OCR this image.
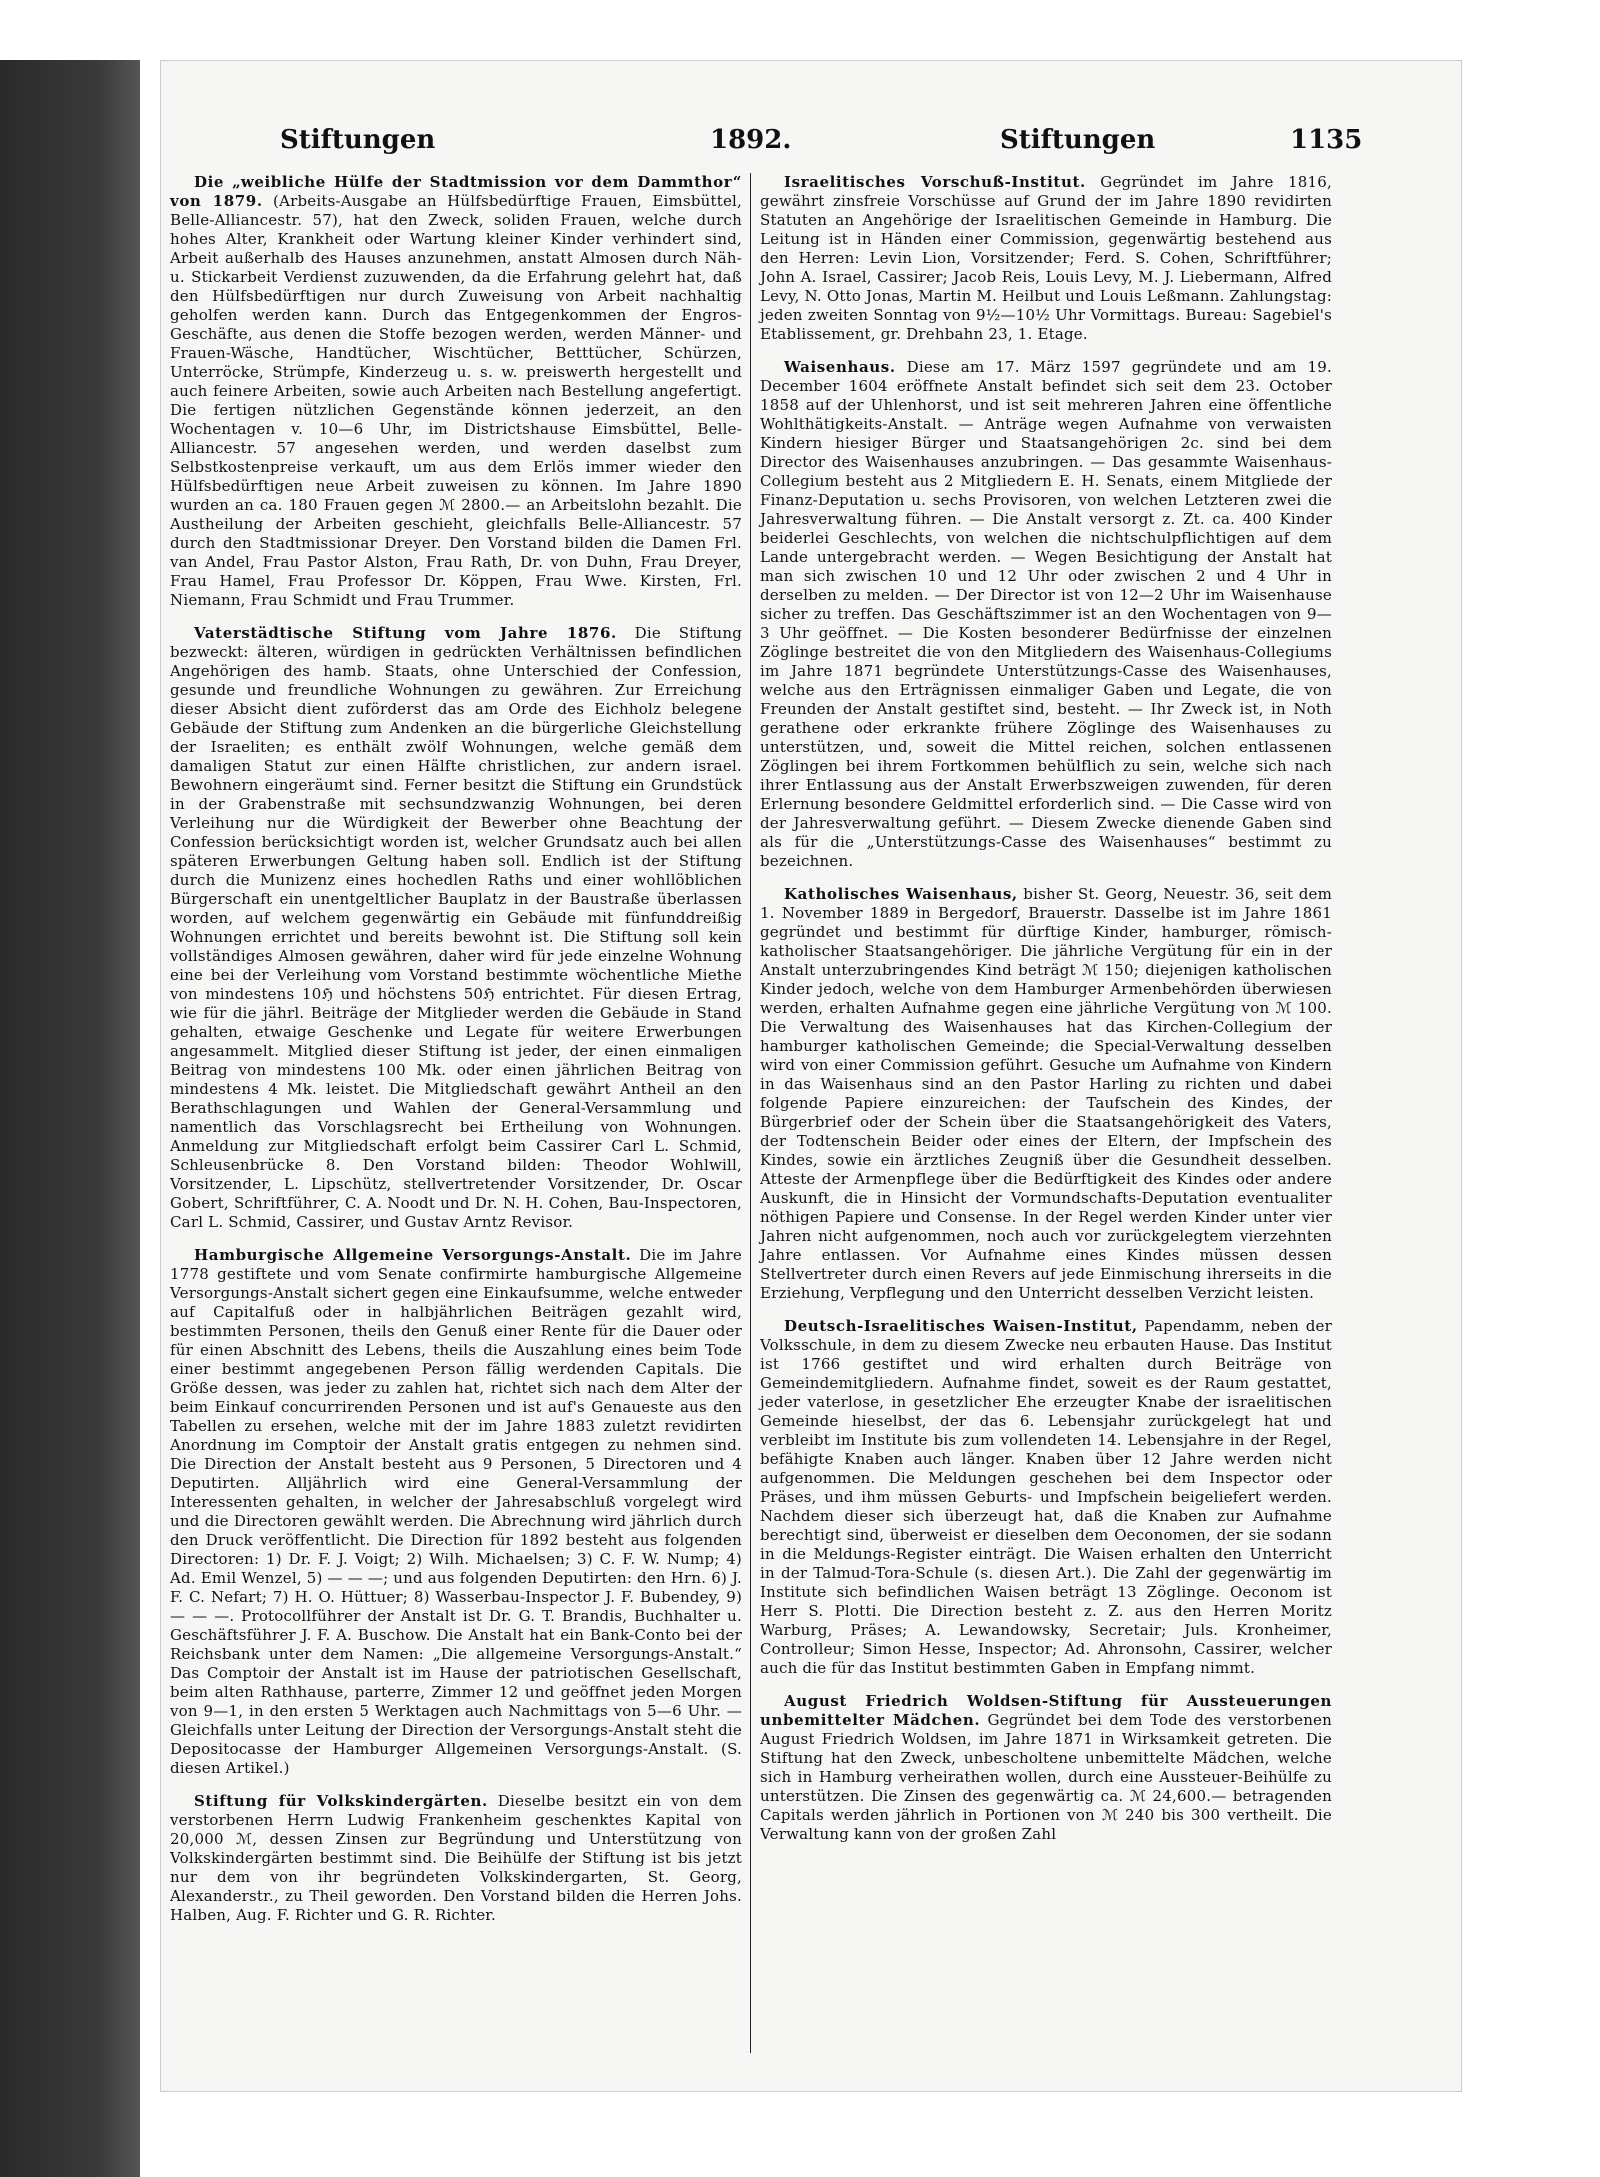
Stiftungen	1892.	Stiftungen	1135

Die „weibliche Hülfe der Stadtmission vor dem Dammthor“ von 1879. (Arbeits-Ausgabe an Hülfsbedürftige Frauen, Eimsbüttel, Belle-Alliancestr. 57), hat den Zweck, soliden Frauen, welche durch hohes Alter, Krankheit oder Wartung kleiner Kinder verhindert sind, Arbeit außerhalb des Hauses anzunehmen, anstatt Almosen durch Näh- u. Stickarbeit Verdienst zuzuwenden, da die Erfahrung gelehrt hat, daß den Hülfsbedürftigen nur durch Zuweisung von Arbeit nachhaltig geholfen werden kann. Durch das Entgegenkommen der Engros-Geschäfte, aus denen die Stoffe bezogen werden, werden Männer- und Frauen-Wäsche, Handtücher, Wischtücher, Betttücher, Schürzen, Unterröcke, Strümpfe, Kinderzeug u. s. w. preiswerth hergestellt und auch feinere Arbeiten, sowie auch Arbeiten nach Bestellung angefertigt. Die fertigen nützlichen Gegenstände können jederzeit, an den Wochentagen v. 10—6 Uhr, im Districtshause Eimsbüttel, Belle-Alliancestr. 57 angesehen werden, und werden daselbst zum Selbstkostenpreise verkauft, um aus dem Erlös immer wieder den Hülfsbedürftigen neue Arbeit zuweisen zu können. Im Jahre 1890 wurden an ca. 180 Frauen gegen ℳ 2800.— an Arbeitslohn bezahlt. Die Austheilung der Arbeiten geschieht, gleichfalls Belle-Alliancestr. 57 durch den Stadtmissionar Dreyer. Den Vorstand bilden die Damen Frl. van Andel, Frau Pastor Alston, Frau Rath, Dr. von Duhn, Frau Dreyer, Frau Hamel, Frau Professor Dr. Köppen, Frau Wwe. Kirsten, Frl. Niemann, Frau Schmidt und Frau Trummer.

Vaterstädtische Stiftung vom Jahre 1876. Die Stiftung bezweckt: älteren, würdigen in gedrückten Verhältnissen befindlichen Angehörigen des hamb. Staats, ohne Unterschied der Confession, gesunde und freundliche Wohnungen zu gewähren. Zur Erreichung dieser Absicht dient zuförderst das am Orde des Eichholz belegene Gebäude der Stiftung zum Andenken an die bürgerliche Gleichstellung der Israeliten; es enthält zwölf Wohnungen, welche gemäß dem damaligen Statut zur einen Hälfte christlichen, zur andern israel. Bewohnern eingeräumt sind. Ferner besitzt die Stiftung ein Grundstück in der Grabenstraße mit sechsundzwanzig Wohnungen, bei deren Verleihung nur die Würdigkeit der Bewerber ohne Beachtung der Confession berücksichtigt worden ist, welcher Grundsatz auch bei allen späteren Erwerbungen Geltung haben soll. Endlich ist der Stiftung durch die Munizenz eines hochedlen Raths und einer wohllöblichen Bürgerschaft ein unentgeltlicher Bauplatz in der Baustraße überlassen worden, auf welchem gegenwärtig ein Gebäude mit fünfunddreißig Wohnungen errichtet und bereits bewohnt ist. Die Stiftung soll kein vollständiges Almosen gewähren, daher wird für jede einzelne Wohnung eine bei der Verleihung vom Vorstand bestimmte wöchentliche Miethe von mindestens 10ℌ und höchstens 50ℌ entrichtet. Für diesen Ertrag, wie für die jährl. Beiträge der Mitglieder werden die Gebäude in Stand gehalten, etwaige Geschenke und Legate für weitere Erwerbungen angesammelt. Mitglied dieser Stiftung ist jeder, der einen einmaligen Beitrag von mindestens 100 Mk. oder einen jährlichen Beitrag von mindestens 4 Mk. leistet. Die Mitgliedschaft gewährt Antheil an den Berathschlagungen und Wahlen der General-Versammlung und namentlich das Vorschlagsrecht bei Ertheilung von Wohnungen. Anmeldung zur Mitgliedschaft erfolgt beim Cassirer Carl L. Schmid, Schleusenbrücke 8. Den Vorstand bilden: Theodor Wohlwill, Vorsitzender, L. Lipschütz, stellvertretender Vorsitzender, Dr. Oscar Gobert, Schriftführer, C. A. Noodt und Dr. N. H. Cohen, Bau-Inspectoren, Carl L. Schmid, Cassirer, und Gustav Arntz Revisor.

Hamburgische Allgemeine Versorgungs-Anstalt. Die im Jahre 1778 gestiftete und vom Senate confirmirte hamburgische Allgemeine Versorgungs-Anstalt sichert gegen eine Einkaufsumme, welche entweder auf Capitalfuß oder in halbjährlichen Beiträgen gezahlt wird, bestimmten Personen, theils den Genuß einer Rente für die Dauer oder für einen Abschnitt des Lebens, theils die Auszahlung eines beim Tode einer bestimmt angegebenen Person fällig werdenden Capitals. Die Größe dessen, was jeder zu zahlen hat, richtet sich nach dem Alter der beim Einkauf concurrirenden Personen und ist auf's Genaueste aus den Tabellen zu ersehen, welche mit der im Jahre 1883 zuletzt revidirten Anordnung im Comptoir der Anstalt gratis entgegen zu nehmen sind. Die Direction der Anstalt besteht aus 9 Personen, 5 Directoren und 4 Deputirten. Alljährlich wird eine General-Versammlung der Interessenten gehalten, in welcher der Jahresabschluß vorgelegt wird und die Directoren gewählt werden. Die Abrechnung wird jährlich durch den Druck veröffentlicht. Die Direction für 1892 besteht aus folgenden Directoren: 1) Dr. F. J. Voigt; 2) Wilh. Michaelsen; 3) C. F. W. Nump; 4) Ad. Emil Wenzel, 5) — — —; und aus folgenden Deputirten: den Hrn. 6) J. F. C. Nefart; 7) H. O. Hüttuer; 8) Wasserbau-Inspector J. F. Bubendey, 9) — — —. Protocollführer der Anstalt ist Dr. G. T. Brandis, Buchhalter u. Geschäftsführer J. F. A. Buschow. Die Anstalt hat ein Bank-Conto bei der Reichsbank unter dem Namen: „Die allgemeine Versorgungs-Anstalt.“ Das Comptoir der Anstalt ist im Hause der patriotischen Gesellschaft, beim alten Rathhause, parterre, Zimmer 12 und geöffnet jeden Morgen von 9—1, in den ersten 5 Werktagen auch Nachmittags von 5—6 Uhr. — Gleichfalls unter Leitung der Direction der Versorgungs-Anstalt steht die Depositocasse der Hamburger Allgemeinen Versorgungs-Anstalt. (S. diesen Artikel.)

Stiftung für Volkskindergärten. Dieselbe besitzt ein von dem verstorbenen Herrn Ludwig Frankenheim geschenktes Kapital von 20,000 ℳ, dessen Zinsen zur Begründung und Unterstützung von Volkskindergärten bestimmt sind. Die Beihülfe der Stiftung ist bis jetzt nur dem von ihr begründeten Volkskindergarten, St. Georg, Alexanderstr., zu Theil geworden. Den Vorstand bilden die Herren Johs. Halben, Aug. F. Richter und G. R. Richter.

Israelitisches Vorschuß-Institut. Gegründet im Jahre 1816, gewährt zinsfreie Vorschüsse auf Grund der im Jahre 1890 revidirten Statuten an Angehörige der Israelitischen Gemeinde in Hamburg. Die Leitung ist in Händen einer Commission, gegenwärtig bestehend aus den Herren: Levin Lion, Vorsitzender; Ferd. S. Cohen, Schriftführer; John A. Israel, Cassirer; Jacob Reis, Louis Levy, M. J. Liebermann, Alfred Levy, N. Otto Jonas, Martin M. Heilbut und Louis Leßmann. Zahlungstag: jeden zweiten Sonntag von 9½—10½ Uhr Vormittags. Bureau: Sagebiel's Etablissement, gr. Drehbahn 23, 1. Etage.

Waisenhaus. Diese am 17. März 1597 gegründete und am 19. December 1604 eröffnete Anstalt befindet sich seit dem 23. October 1858 auf der Uhlenhorst, und ist seit mehreren Jahren eine öffentliche Wohlthätigkeits-Anstalt. — Anträge wegen Aufnahme von verwaisten Kindern hiesiger Bürger und Staatsangehörigen 2c. sind bei dem Director des Waisenhauses anzubringen. — Das gesammte Waisenhaus-Collegium besteht aus 2 Mitgliedern E. H. Senats, einem Mitgliede der Finanz-Deputation u. sechs Provisoren, von welchen Letzteren zwei die Jahresverwaltung führen. — Die Anstalt versorgt z. Zt. ca. 400 Kinder beiderlei Geschlechts, von welchen die nichtschulpflichtigen auf dem Lande untergebracht werden. — Wegen Besichtigung der Anstalt hat man sich zwischen 10 und 12 Uhr oder zwischen 2 und 4 Uhr in derselben zu melden. — Der Director ist von 12—2 Uhr im Waisenhause sicher zu treffen. Das Geschäftszimmer ist an den Wochentagen von 9—3 Uhr geöffnet. — Die Kosten besonderer Bedürfnisse der einzelnen Zöglinge bestreitet die von den Mitgliedern des Waisenhaus-Collegiums im Jahre 1871 begründete Unterstützungs-Casse des Waisenhauses, welche aus den Erträgnissen einmaliger Gaben und Legate, die von Freunden der Anstalt gestiftet sind, besteht. — Ihr Zweck ist, in Noth gerathene oder erkrankte frühere Zöglinge des Waisenhauses zu unterstützen, und, soweit die Mittel reichen, solchen entlassenen Zöglingen bei ihrem Fortkommen behülflich zu sein, welche sich nach ihrer Entlassung aus der Anstalt Erwerbszweigen zuwenden, für deren Erlernung besondere Geldmittel erforderlich sind. — Die Casse wird von der Jahresverwaltung geführt. — Diesem Zwecke dienende Gaben sind als für die „Unterstützungs-Casse des Waisenhauses“ bestimmt zu bezeichnen.

Katholisches Waisenhaus, bisher St. Georg, Neuestr. 36, seit dem 1. November 1889 in Bergedorf, Brauerstr. Dasselbe ist im Jahre 1861 gegründet und bestimmt für dürftige Kinder, hamburger, römisch-katholischer Staatsangehöriger. Die jährliche Vergütung für ein in der Anstalt unterzubringendes Kind beträgt ℳ 150; diejenigen katholischen Kinder jedoch, welche von dem Hamburger Armenbehörden überwiesen werden, erhalten Aufnahme gegen eine jährliche Vergütung von ℳ 100. Die Verwaltung des Waisenhauses hat das Kirchen-Collegium der hamburger katholischen Gemeinde; die Special-Verwaltung desselben wird von einer Commission geführt. Gesuche um Aufnahme von Kindern in das Waisenhaus sind an den Pastor Harling zu richten und dabei folgende Papiere einzureichen: der Taufschein des Kindes, der Bürgerbrief oder der Schein über die Staatsangehörigkeit des Vaters, der Todtenschein Beider oder eines der Eltern, der Impfschein des Kindes, sowie ein ärztliches Zeugniß über die Gesundheit desselben. Atteste der Armenpflege über die Bedürftigkeit des Kindes oder andere Auskunft, die in Hinsicht der Vormundschafts-Deputation eventualiter nöthigen Papiere und Consense. In der Regel werden Kinder unter vier Jahren nicht aufgenommen, noch auch vor zurückgelegtem vierzehnten Jahre entlassen. Vor Aufnahme eines Kindes müssen dessen Stellvertreter durch einen Revers auf jede Einmischung ihrerseits in die Erziehung, Verpflegung und den Unterricht desselben Verzicht leisten.

Deutsch-Israelitisches Waisen-Institut, Papendamm, neben der Volksschule, in dem zu diesem Zwecke neu erbauten Hause. Das Institut ist 1766 gestiftet und wird erhalten durch Beiträge von Gemeindemitgliedern. Aufnahme findet, soweit es der Raum gestattet, jeder vaterlose, in gesetzlicher Ehe erzeugter Knabe der israelitischen Gemeinde hieselbst, der das 6. Lebensjahr zurückgelegt hat und verbleibt im Institute bis zum vollendeten 14. Lebensjahre in der Regel, befähigte Knaben auch länger. Knaben über 12 Jahre werden nicht aufgenommen. Die Meldungen geschehen bei dem Inspector oder Präses, und ihm müssen Geburts- und Impfschein beigeliefert werden. Nachdem dieser sich überzeugt hat, daß die Knaben zur Aufnahme berechtigt sind, überweist er dieselben dem Oeconomen, der sie sodann in die Meldungs-Register einträgt. Die Waisen erhalten den Unterricht in der Talmud-Tora-Schule (s. diesen Art.). Die Zahl der gegenwärtig im Institute sich befindlichen Waisen beträgt 13 Zöglinge. Oeconom ist Herr S. Plotti. Die Direction besteht z. Z. aus den Herren Moritz Warburg, Präses; A. Lewandowsky, Secretair; Juls. Kronheimer, Controlleur; Simon Hesse, Inspector; Ad. Ahronsohn, Cassirer, welcher auch die für das Institut bestimmten Gaben in Empfang nimmt.

August Friedrich Woldsen-Stiftung für Aussteuerungen unbemittelter Mädchen. Gegründet bei dem Tode des verstorbenen August Friedrich Woldsen, im Jahre 1871 in Wirksamkeit getreten. Die Stiftung hat den Zweck, unbescholtene unbemittelte Mädchen, welche sich in Hamburg verheirathen wollen, durch eine Aussteuer-Beihülfe zu unterstützen. Die Zinsen des gegenwärtig ca. ℳ 24,600.— betragenden Capitals werden jährlich in Portionen von ℳ 240 bis 300 vertheilt. Die Verwaltung kann von der großen Zahl
